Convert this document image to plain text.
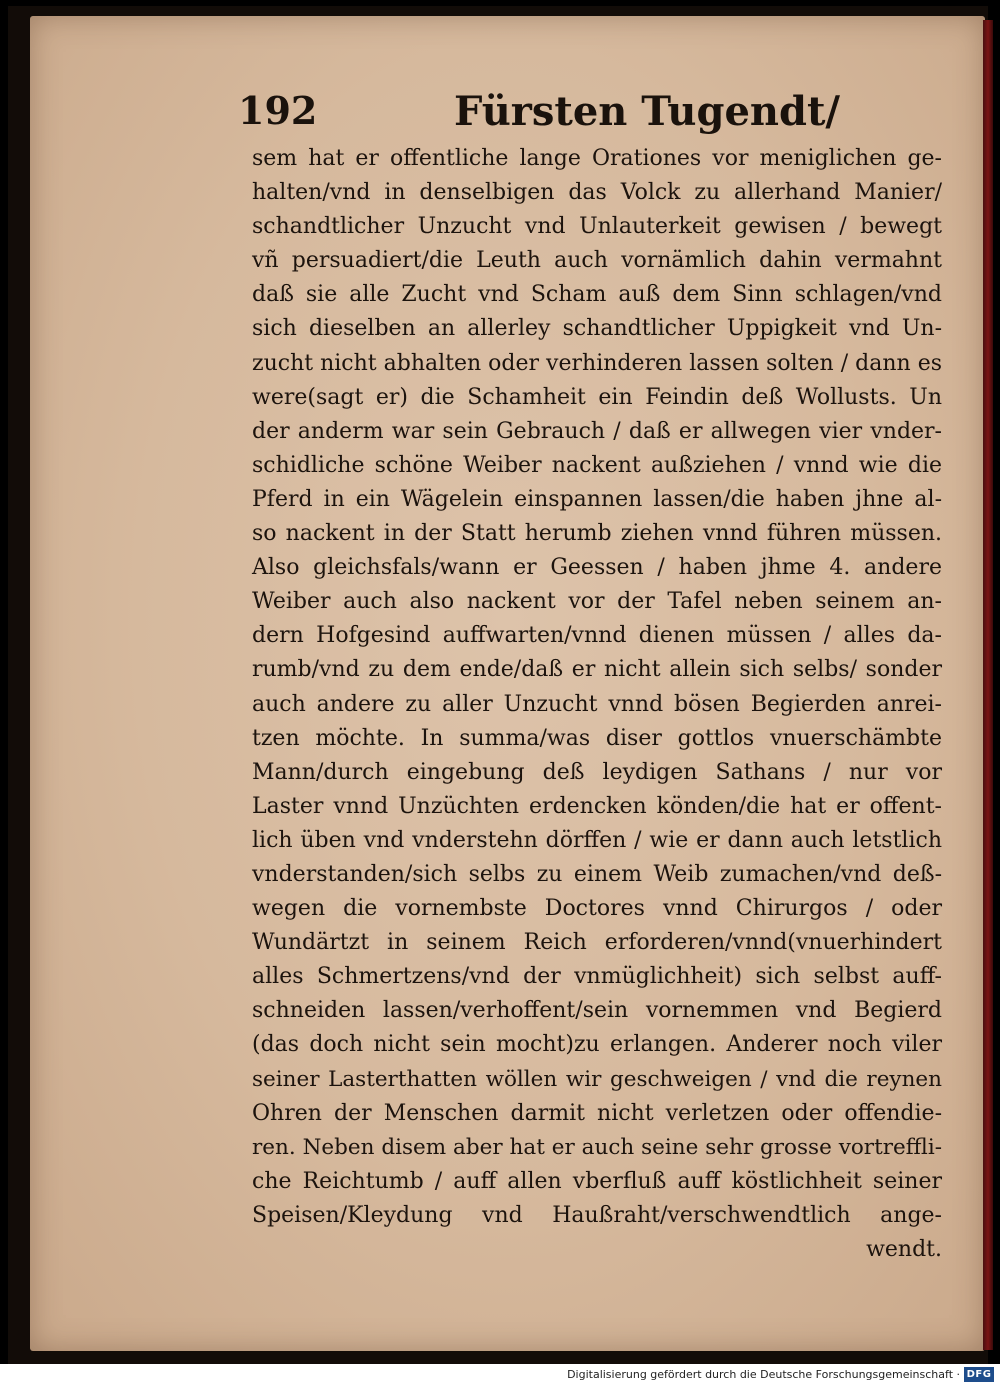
192	Fürsten Tugendt/
sem hat er offentliche lange Orationes vor meniglichen ge-
halten/vnd in denselbigen das Volck zu allerhand Manier/
schandtlicher Unzucht vnd Unlauterkeit gewisen / bewegt
vñ persuadiert/die Leuth auch vornämlich dahin vermahnt
daß sie alle Zucht vnd Scham auß dem Sinn schlagen/vnd
sich dieselben an allerley schandtlicher Uppigkeit vnd Un-
zucht nicht abhalten oder verhinderen lassen solten / dann es
were(sagt er) die Schamheit ein Feindin deß Wollusts. Un
der anderm war sein Gebrauch / daß er allwegen vier vnder-
schidliche schöne Weiber nackent außziehen / vnnd wie die
Pferd in ein Wägelein einspannen lassen/die haben jhne al-
so nackent in der Statt herumb ziehen vnnd führen müssen.
Also gleichsfals/wann er Geessen / haben jhme 4. andere
Weiber auch also nackent vor der Tafel neben seinem an-
dern Hofgesind auffwarten/vnnd dienen müssen / alles da-
rumb/vnd zu dem ende/daß er nicht allein sich selbs/ sonder
auch andere zu aller Unzucht vnnd bösen Begierden anrei-
tzen möchte. In summa/was diser gottlos vnuerschämbte
Mann/durch eingebung deß leydigen Sathans / nur vor
Laster vnnd Unzüchten erdencken könden/die hat er offent-
lich üben vnd vnderstehn dörffen / wie er dann auch letstlich
vnderstanden/sich selbs zu einem Weib zumachen/vnd deß-
wegen die vornembste Doctores vnnd Chirurgos / oder
Wundärtzt in seinem Reich erforderen/vnnd(vnuerhindert
alles Schmertzens/vnd der vnmüglichheit) sich selbst auff-
schneiden lassen/verhoffent/sein vornemmen vnd Begierd
(das doch nicht sein mocht)zu erlangen. Anderer noch viler
seiner Lasterthatten wöllen wir geschweigen / vnd die reynen
Ohren der Menschen darmit nicht verletzen oder offendie-
ren. Neben disem aber hat er auch seine sehr grosse vortreffli-
che Reichtumb / auff allen vberfluß auff köstlichheit seiner
Speisen/Kleydung vnd Haußraht/verschwendtlich ange-
wendt.
Digitalisierung gefördert durch die Deutsche Forschungsgemeinschaft · DFG
